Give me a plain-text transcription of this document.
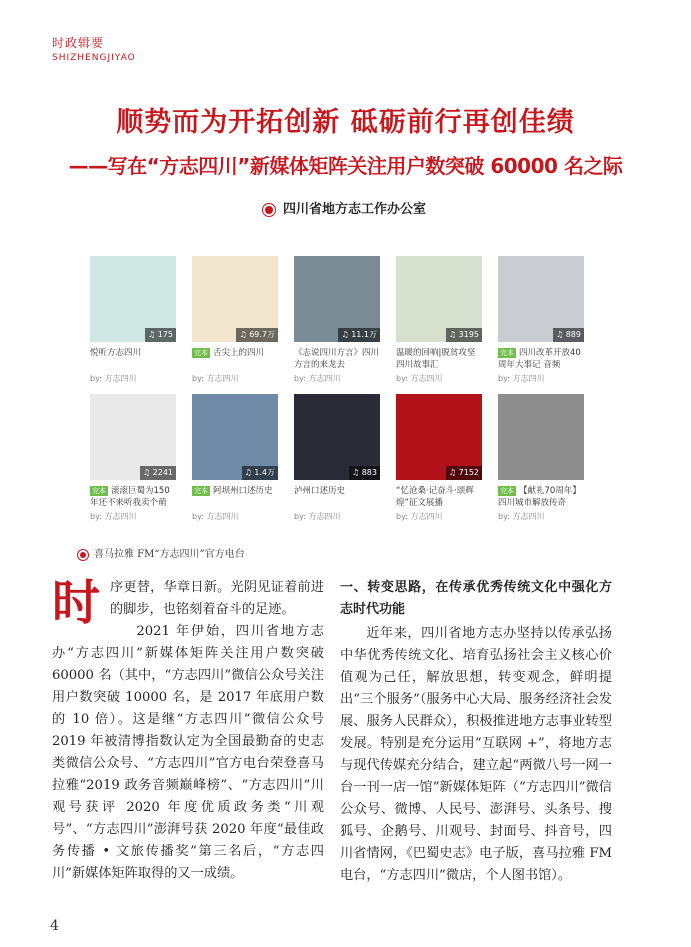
时政辑要
SHIZHENGJIYAO
顺势而为开拓创新 砥砺前行再创佳绩
——写在“方志四川”新媒体矩阵关注用户数突破 60000 名之际
四川省地方志工作办公室
♫ 175
悦听方志四川
by: 方志四川
♫ 69.7万
完本 舌尖上的四川
by: 方志四川
♫ 11.1万
《志说四川方言》四川方言的来龙去
by: 方志四川
♫ 3195
温暖的回响|脱贫攻坚四川故事汇
by: 方志四川
♫ 889
完本 四川改革开放40周年大事记 音频
by: 方志四川
♫ 2241
完本 滚滚巨蜀为150年还不来听我卖个萌
by: 方志四川
♫ 1.4万
完本 阿坝州口述历史
by: 方志四川
♫ 883
泸州口述历史
by: 方志四川
♫ 7152
“忆沧桑·记奋斗·颂辉煌”征文展播
by: 方志四川
完本 【献礼70周年】四川城市解放传奇
by: 方志四川
喜马拉雅 FM“方志四川”官方电台
时 序更替，华章日新。光阴见证着前进的脚步，也铭刻着奋斗的足迹。

2021 年伊始，四川省地方志办“方志四川”新媒体矩阵关注用户数突破 60000 名（其中，“方志四川”微信公众号关注用户数突破 10000 名，是 2017 年底用户数的 10 倍）。这是继“方志四川”微信公众号 2019 年被清博指数认定为全国最勤奋的史志类微信公众号、“方志四川”官方电台荣登喜马拉雅“2019 政务音频巅峰榜”、“方志四川”川观号获评 2020 年度优质政务类“川观号”、“方志四川”澎湃号获 2020 年度“最佳政务传播 • 文旅传播奖”第三名后，“方志四川”新媒体矩阵取得的又一成绩。

一、转变思路，在传承优秀传统文化中强化方志时代功能

近年来，四川省地方志办坚持以传承弘扬中华优秀传统文化、培育弘扬社会主义核心价值观为己任，解放思想，转变观念，鲜明提出“三个服务”（服务中心大局、服务经济社会发展、服务人民群众），积极推进地方志事业转型发展。特别是充分运用“互联网 +”，将地方志与现代传媒充分结合，建立起“两微八号一网一台一刊一店一馆”新媒体矩阵（“方志四川”微信公众号、微博、人民号、澎湃号、头条号、搜狐号、企鹅号、川观号、封面号、抖音号，四川省情网，《巴蜀史志》电子版，喜马拉雅 FM 电台，“方志四川”微店，个人图书馆）。

4
